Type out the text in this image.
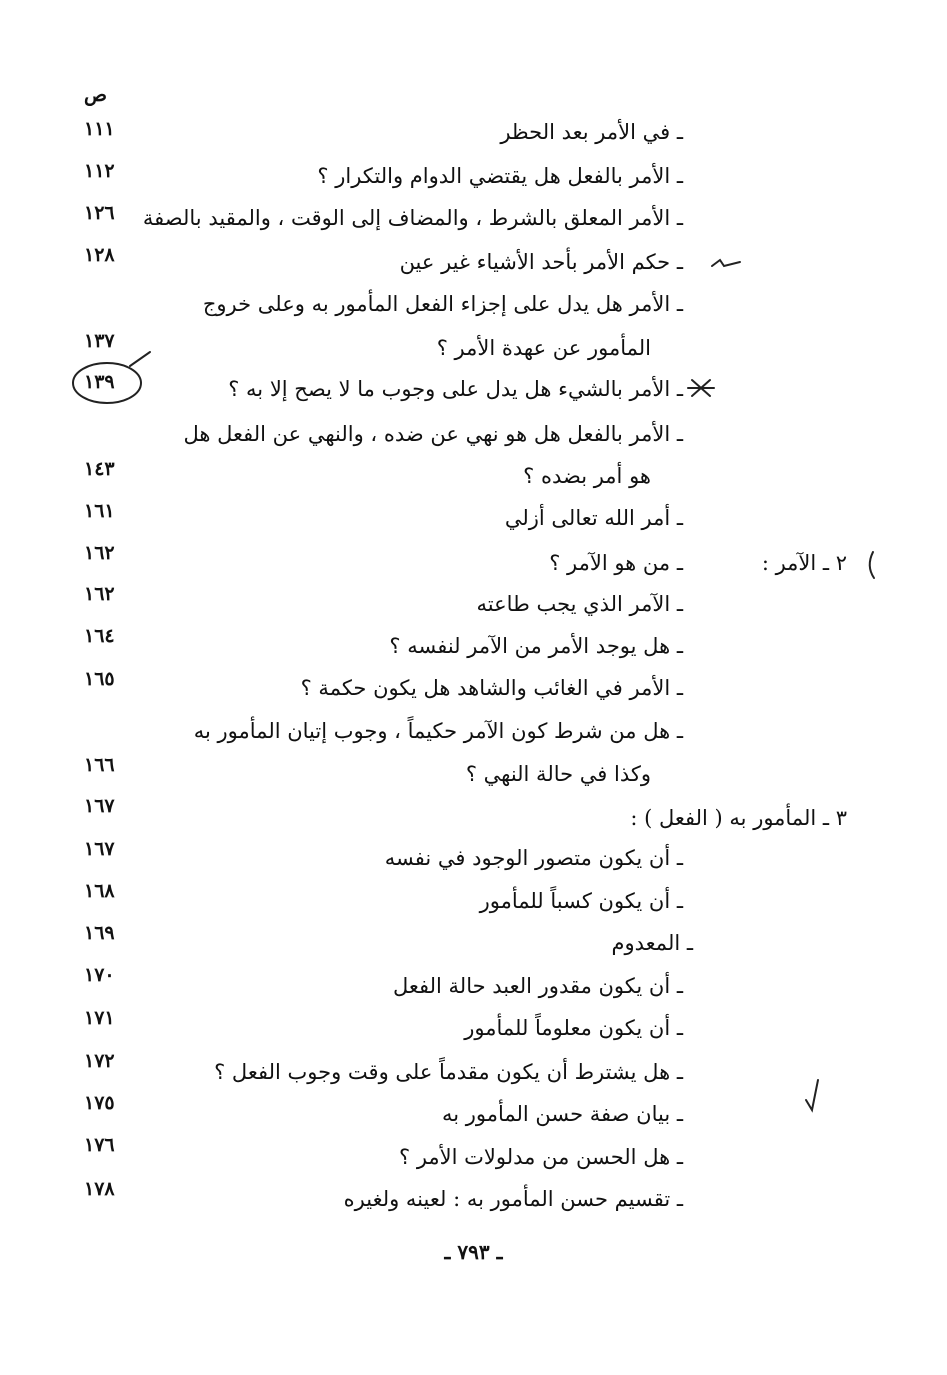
ص
ـ في الأمر بعد الحظر
١١١
ـ الأمر بالفعل هل يقتضي الدوام والتكرار ؟
١١٢
ـ الأمر المعلق بالشرط ، والمضاف إلى الوقت ، والمقيد بالصفة
١٢٦
ـ حكم الأمر بأحد الأشياء غير عين
١٢٨
ـ الأمر هل يدل على إجزاء الفعل المأمور به وعلى خروج
المأمور عن عهدة الأمر ؟
١٣٧
ـ الأمر بالشيء هل يدل على وجوب ما لا يصح إلا به ؟
١٣٩
ـ الأمر بالفعل هل هو نهي عن ضده ، والنهي عن الفعل هل
هو أمر بضده ؟
١٤٣
ـ أمر الله تعالى أزلي
١٦١
٢ ـ الآمر :
ـ من هو الآمر ؟
١٦٢
ـ الآمر الذي يجب طاعته
١٦٢
ـ هل يوجد الأمر من الآمر لنفسه ؟
١٦٤
ـ الأمر في الغائب والشاهد هل يكون حكمة ؟
١٦٥
ـ هل من شرط كون الآمر حكيماً ، وجوب إتيان المأمور به
وكذا في حالة النهي ؟
١٦٦
١٦٧	٣ ـ المأمور به ( الفعل ) :
ـ أن يكون متصور الوجود في نفسه
١٦٧
ـ أن يكون كسباً للمأمور
١٦٨
ـ المعدوم
١٦٩
ـ أن يكون مقدور العبد حالة الفعل
١٧٠
ـ أن يكون معلوماً للمأمور
١٧١
ـ هل يشترط أن يكون مقدماً على وقت وجوب الفعل ؟
١٧٢
ـ بيان صفة حسن المأمور به
١٧٥
ـ هل الحسن من مدلولات الأمر ؟
١٧٦
ـ تقسيم حسن المأمور به : لعينه ولغيره
١٧٨
ـ ٧٩٣ ـ
